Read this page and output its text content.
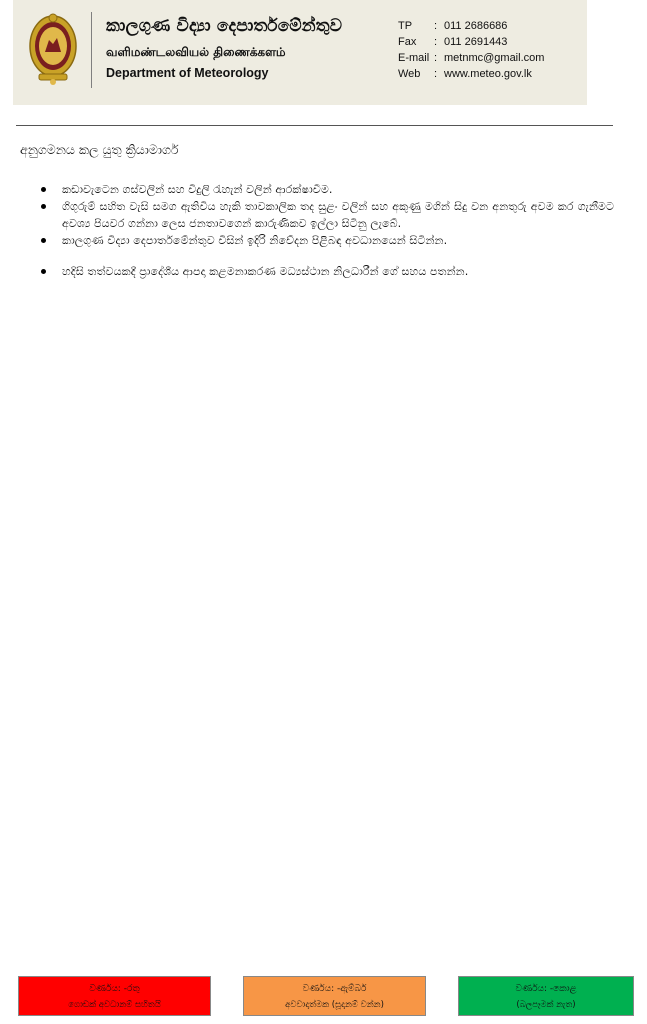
කාලගුණ විද්‍යා දෙපාර්තමේන්තුව
வளிமண்டலவியல் திணைக்களம்
Department of Meteorology
TP	: 011 2686686
Fax	: 011 2691443
E-mail : metnmc@gmail.com
Web	: www.meteo.gov.lk
අනුගමනය කල යුතු ක්‍රියාමාර්ග
කඩාවැටෙන ගස්වලින් සහ විදුලි රැහැන් වලින් ආරක්ෂාවීම.
ගිගුරුම් සහිත වැසි සමග ඇතිවිය හැකි තාවකාලික තද සුළං වලින් සහ අකුණු මගින් සිදු වන අනතුරු අවම කර ගැනීමට අවශ්‍ය පියවර ගන්නා ලෙස ජනතාවගෙන් කාරුණිකව ඉල්ලා සිටිනු ලැබේ.
කාලගුණ විද්‍යා දෙපාර්තමේන්තුව විසින් ඉදිරි නිවේදන පිළිබඳ අවධානයෙන් සිටින්න.
හදිසි තත්වයකදී ප්‍රාදේශීය ආපදා කළමනාකරණ මධ්‍යස්ථාන නිලධාරීන් ගේ සහය පතන්න.
වර්ණය: -රතු
ගොඩක් අවධානම් සහිතයි
වර්ණය: -ඇම්බර්
අවවාදාත්මක (සූදානම් වන්න)
වර්ණය: -කොළ
(බලපෑමක් නැත)
